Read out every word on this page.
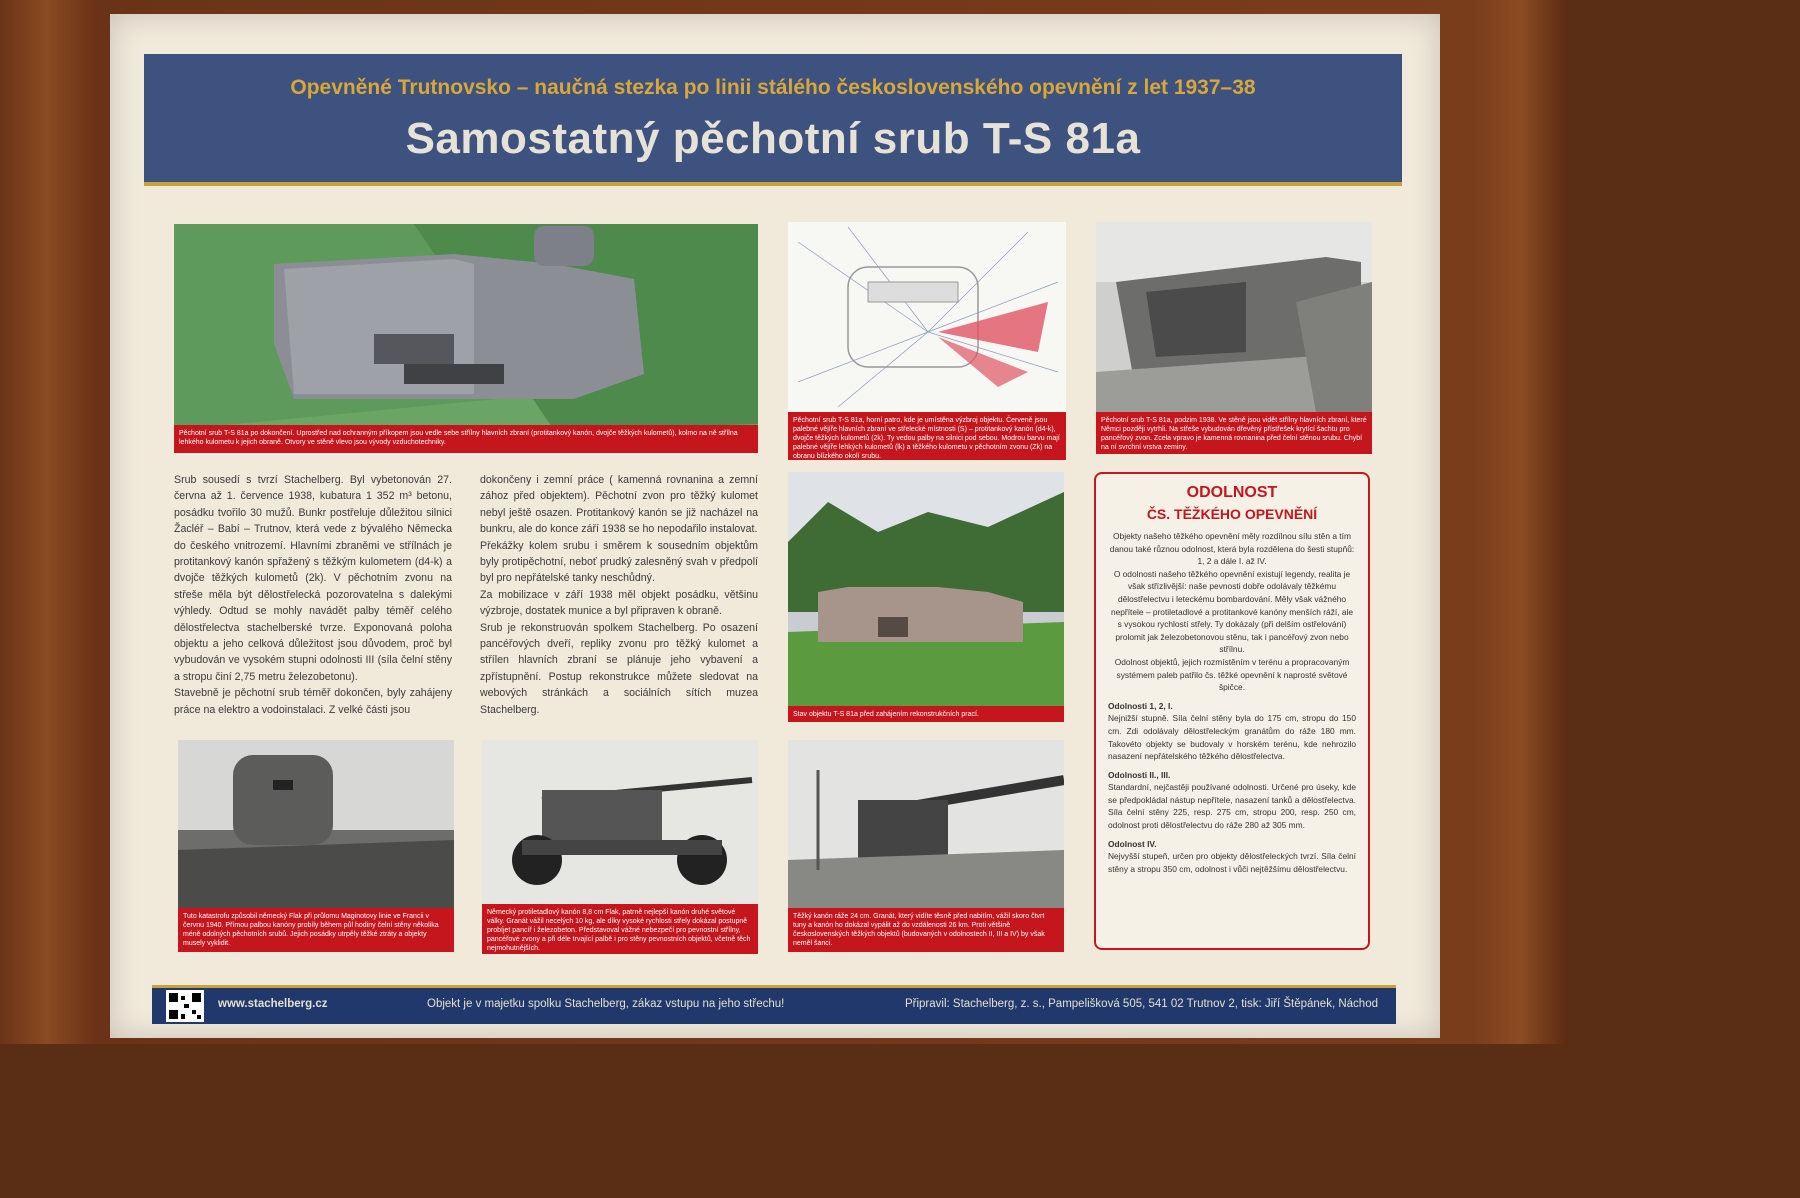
Opevněné Trutnovsko – naučná stezka po linii stálého československého opevnění z let 1937–38
Samostatný pěchotní srub T-S 81a
Pěchotní srub T-S 81a po dokončení. Uprostřed nad ochranným příkopem jsou vedle sebe střílny hlavních zbraní (protitankový kanón, dvojče těžkých kulometů), kolmo na ně střílna lehkého kulometu k jejich obraně. Otvory ve stěně vlevo jsou vývody vzduchotechniky.
Pěchotní srub T-S 81a, horní patro, kde je umístěna výzbroj objektu. Červeně jsou palebné vějíře hlavních zbraní ve střelecké místnosti (S) – protitankový kanón (d4-k), dvojče těžkých kulometů (2k). Ty vedou palby na silnici pod sebou. Modrou barvu mají palebné vějíře lehkých kulometů (lk) a těžkého kulometu v pěchotním zvonu (Zk) na obranu blízkého okolí srubu.
Pěchotní srub T-S 81a, podzim 1938. Ve stěně jsou vidět střílny hlavních zbraní, které Němci později vytrhli. Na střeše vybudován dřevěný přístřešek krytící šachtu pro pancéřový zvon. Zcela vpravo je kamenná rovnanina před čelní stěnou srubu. Chybí na ní svrchní vrstva zeminy.

Srub sousedí s tvrzí Stachelberg. Byl vybetonován 27. června až 1. července 1938, kubatura 1 352 m³ betonu, posádku tvořilo 30 mužů. Bunkr postřeluje důležitou silnici Žacléř – Babí – Trutnov, která vede z bývalého Německa do českého vnitrozemí. Hlavními zbraněmi ve střílnách je protitankový kanón spřažený s těžkým kulometem (d4-k) a dvojče těžkých kulometů (2k). V pěchotním zvonu na střeše měla být dělostřelecká pozorovatelna s dalekými výhledy. Odtud se mohly navádět palby téměř celého dělostřelectva stachelberské tvrze. Exponovaná poloha objektu a jeho celková důležitost jsou důvodem, proč byl vybudován ve vysokém stupni odolnosti III (síla čelní stěny a stropu činí 2,75 metru železobetonu).

Stavebně je pěchotní srub téměř dokončen, byly zahájeny práce na elektro a vodoinstalaci. Z velké části jsou

dokončeny i zemní práce ( kamenná rovnanina a zemní zához před objektem). Pěchotní zvon pro těžký kulomet nebyl ještě osazen. Protitankový kanón se již nacházel na bunkru, ale do konce září 1938 se ho nepodařilo instalovat.

Překážky kolem srubu i směrem k sousedním objektům byly protipěchotní, neboť prudký zalesněný svah v předpolí byl pro nepřátelské tanky neschůdný.

Za mobilizace v září 1938 měl objekt posádku, většinu výzbroje, dostatek munice a byl připraven k obraně.

Srub je rekonstruován spolkem Stachelberg. Po osazení pancéřových dveří, repliky zvonu pro těžký kulomet a střílen hlavních zbraní se plánuje jeho vybavení a zpřístupnění. Postup rekonstrukce můžete sledovat na webových stránkách a sociálních sítích muzea Stachelberg.	Stav objektu T-S 81a před zahájením rekonstrukčních prací.
ODOLNOST
ČS. TĚŽKÉHO OPEVNĚNÍ
Objekty našeho těžkého opevnění měly rozdílnou sílu stěn a tím danou také různou odolnost, která byla rozdělena do šesti stupňů: 1, 2 a dále I. až IV.
O odolnosti našeho těžkého opevnění existují legendy, realita je však střízlivější: naše pevnosti dobře odolávaly těžkému dělostřelectvu i leteckému bombardování. Měly však vážného nepřítele – protiletadlové a protitankové kanóny menších ráží, ale s vysokou rychlostí střely. Ty dokázaly (při delším ostřelování) prolomit jak železobetonovou stěnu, tak i pancéřový zvon nebo střílnu.
Odolnost objektů, jejich rozmístěním v terénu a propracovaným systémem paleb patřilo čs. těžké opevnění k naprosté světové špičce.
Odolnosti 1, 2, I.
Nejnižší stupně. Síla čelní stěny byla do 175 cm, stropu do 150 cm. Zdi odolávaly dělostřeleckým granátům do ráže 180 mm. Takovéto objekty se budovaly v horském terénu, kde nehrozilo nasazení nepřátelského těžkého dělostřelectva.
Odolnosti II., III.
Standardní, nejčastěji používané odolnosti. Určené pro úseky, kde se předpokládal nástup nepřítele, nasazení tanků a dělostřelectva. Síla čelní stěny 225, resp. 275 cm, stropu 200, resp. 250 cm, odolnost proti dělostřelectvu do ráže 280 až 305 mm.
Odolnost IV.
Nejvyšší stupeň, určen pro objekty dělostřeleckých tvrzí. Síla čelní stěny a stropu 350 cm, odolnost i vůči nejtěžšímu dělostřelectvu.
Tuto katastrofu způsobil německý Flak při průlomu Maginotovy linie ve Francii v červnu 1940. Přímou palbou kanóny probíly během půl hodiny čelní stěny několika méně odolných pěchotních srubů. Jejich posádky utrpěly těžké ztráty a objekty musely vyklidit.
Německý protiletadlový kanón 8,8 cm Flak, patrně nejlepší kanón druhé světové války. Granát vážil necelých 10 kg, ale díky vysoké rychlosti střely dokázal postupně probíjet pancíř i železobeton. Představoval vážné nebezpečí pro pevnostní střílny, pancéřové zvony a při déle trvající palbě i pro stěny pevnostních objektů, včetně těch nejmohutnějších.
Těžký kanón ráže 24 cm. Granát, který vidíte těsně před nabitím, vážil skoro čtvrt tuny a kanón ho dokázal vypálit až do vzdálenosti 26 km. Proti většině československých těžkých objektů (budovaných v odolnostech II, III a IV) by však neměl šanci.
www.stachelberg.cz	Objekt je v majetku spolku Stachelberg, zákaz vstupu na jeho střechu!	Připravil: Stachelberg, z. s., Pampelišková 505, 541 02 Trutnov 2, tisk: Jiří Štěpánek, Náchod
